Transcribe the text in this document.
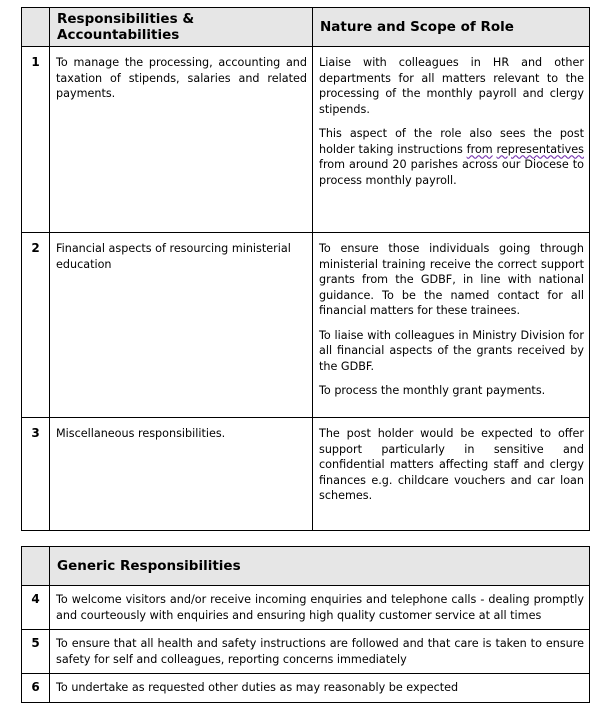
	Responsibilities & Accountabilities	Nature and Scope of Role
1	To manage the processing, accounting and taxation of stipends, salaries and related payments.	Liaise with colleagues in HR and other departments for all matters relevant to the processing of the monthly payroll and clergy stipends.

This aspect of the role also sees the post holder taking instructions from representatives from around 20 parishes across our Diocese to process monthly payroll.

2	Financial aspects of resourcing ministerial education	To ensure those individuals going through ministerial training receive the correct support grants from the GDBF, in line with national guidance. To be the named contact for all financial matters for these trainees.

To liaise with colleagues in Ministry Division for all financial aspects of the grants received by the GDBF.

To process the monthly grant payments.

3	Miscellaneous responsibilities.	The post holder would be expected to offer support particularly in sensitive and confidential matters affecting staff and clergy finances e.g. childcare vouchers and car loan schemes.

	Generic Responsibilities
4	To welcome visitors and/or receive incoming enquiries and telephone calls - dealing promptly and courteously with enquiries and ensuring high quality customer service at all times
5	To ensure that all health and safety instructions are followed and that care is taken to ensure safety for self and colleagues, reporting concerns immediately
6	To undertake as requested other duties as may reasonably be expected
